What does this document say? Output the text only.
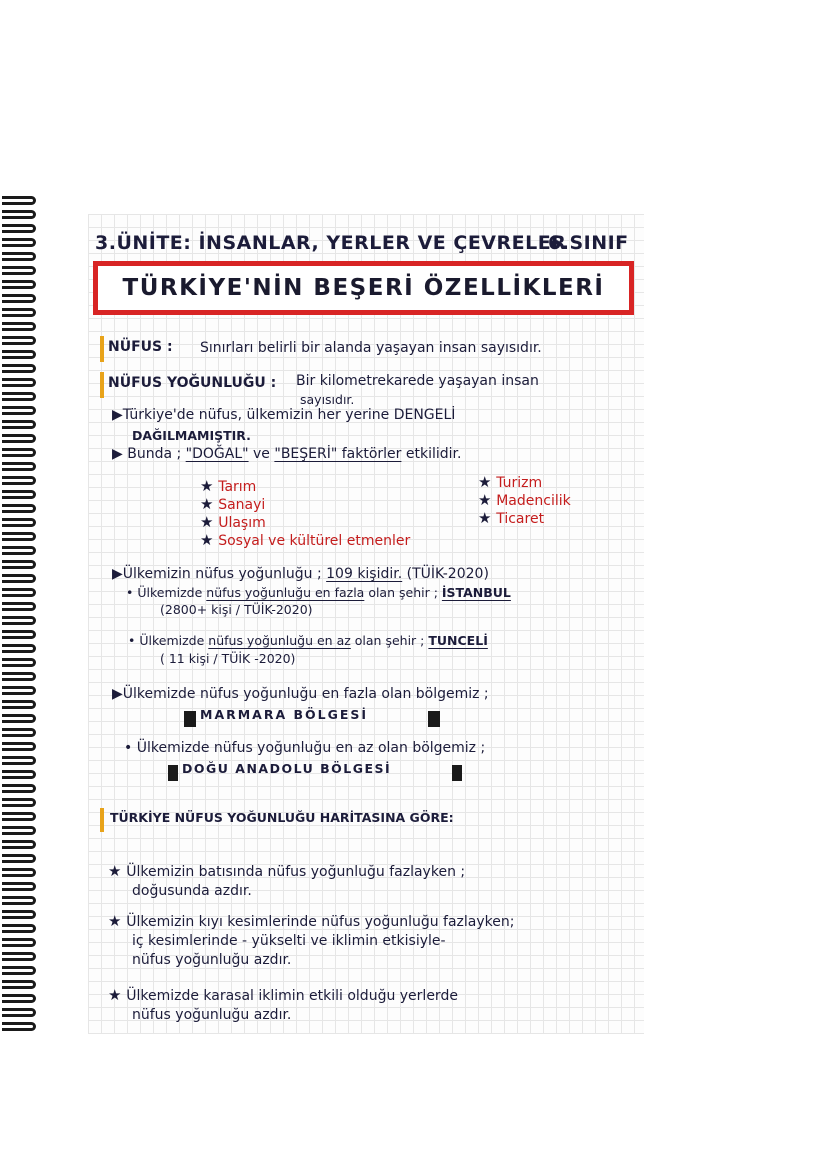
3.ÜNİTE: İNSANLAR, YERLER VE ÇEVRELER
6.SINIF
TÜRKİYE'NİN BEŞERİ ÖZELLİKLERİ
NÜFUS : Sınırları belirli bir alanda yaşayan insan sayısıdır.
NÜFUS YOĞUNLUĞU : Bir kilometrekarede yaşayan insan
sayısıdır.
▶Türkiye'de nüfus, ülkemizin her yerine DENGELİ
DAĞILMAMIŞTIR.
▶ Bunda ; "DOĞAL" ve "BEŞERİ" faktörler etkilidir.
★ Tarım
★ Sanayi
★ Ulaşım
★ Sosyal ve kültürel etmenler
★ Turizm
★ Madencilik
★ Ticaret
▶Ülkemizin nüfus yoğunluğu ; 109 kişidir. (TÜİK-2020)
• Ülkemizde nüfus yoğunluğu en fazla olan şehir ; İSTANBUL
(2800+ kişi / TÜİK-2020)
• Ülkemizde nüfus yoğunluğu en az olan şehir ; TUNCELİ
( 11 kişi / TÜİK -2020)
▶Ülkemizde nüfus yoğunluğu en fazla olan bölgemiz ;
MARMARA BÖLGESİ
• Ülkemizde nüfus yoğunluğu en az olan bölgemiz ;
DOĞU ANADOLU BÖLGESİ
TÜRKİYE NÜFUS YOĞUNLUĞU HARİTASINA GÖRE:
★ Ülkemizin batısında nüfus yoğunluğu fazlayken ;
doğusunda azdır.
★ Ülkemizin kıyı kesimlerinde nüfus yoğunluğu fazlayken;
iç kesimlerinde - yükselti ve iklimin etkisiyle-
nüfus yoğunluğu azdır.
★ Ülkemizde karasal iklimin etkili olduğu yerlerde
nüfus yoğunluğu azdır.
